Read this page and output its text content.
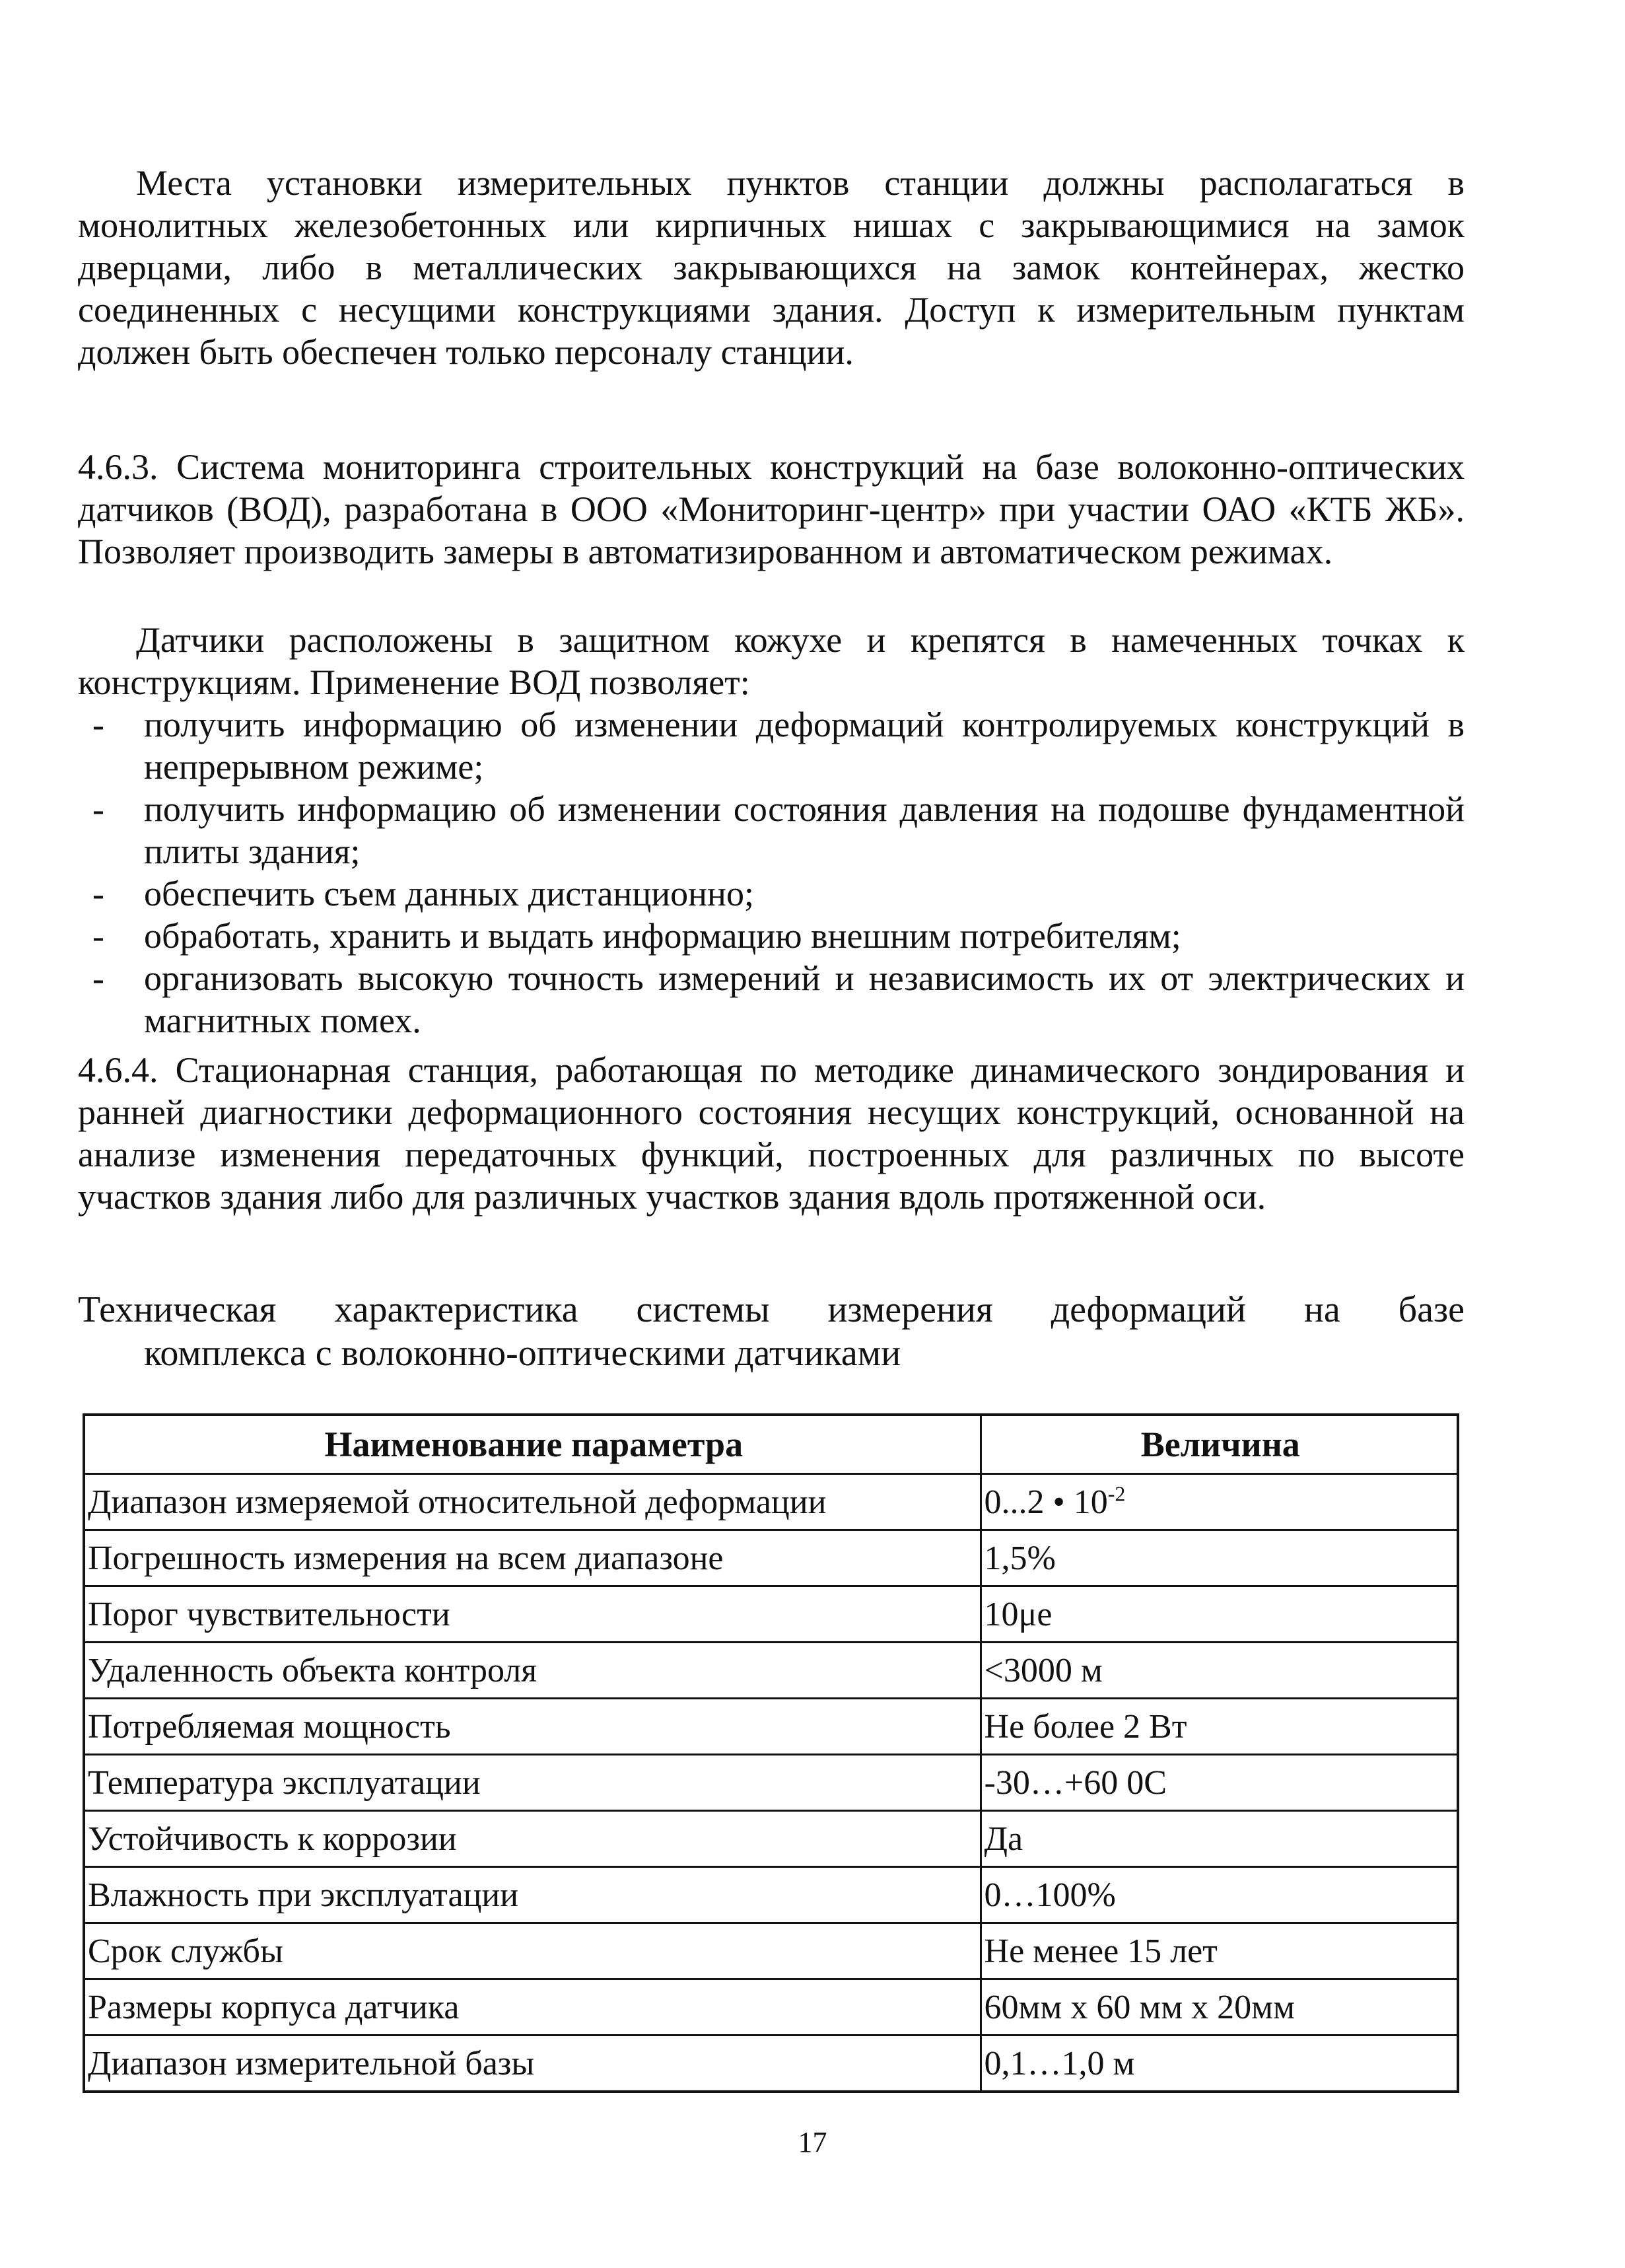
Места установки измерительных пунктов станции должны располагаться в монолитных железобетонных или кирпичных нишах с закрывающимися на замок дверцами, либо в металлических закрывающихся на замок контейнерах, жестко соединенных с несущими конструкциями здания. Доступ к измерительным пунктам должен быть обеспечен только персоналу станции.

4.6.3. Система мониторинга строительных конструкций на базе волоконно-оптических датчиков (ВОД), разработана в ООО «Мониторинг-центр» при участии ОАО «КТБ ЖБ». Позволяет производить замеры в автоматизированном и автоматическом режимах.

Датчики расположены в защитном кожухе и крепятся в намеченных точках к конструкциям. Применение ВОД позволяет:

- получить информацию об изменении деформаций контролируемых конструкций в непрерывном режиме;
- получить информацию об изменении состояния давления на подошве фундаментной плиты здания;
- обеспечить съем данных дистанционно;
- обработать, хранить и выдать информацию внешним потребителям;
- организовать высокую точность измерений и независимость их от электрических и магнитных помех.

4.6.4. Стационарная станция, работающая по методике динамического зондирования и ранней диагностики деформационного состояния несущих конструкций, основанной на анализе изменения передаточных функций, построенных для различных по высоте участков здания либо для различных участков здания вдоль протяженной оси.

Техническая характеристика системы измерения деформаций на базе
комплекса с волоконно-оптическими датчиками
Наименование параметра	Величина
Диапазон измеряемой относительной деформации	0...2 • $10^{-2}$
Погрешность измерения на всем диапазоне	1,5%
Порог чувствительности	10μе
Удаленность объекта контроля	<3000 м
Потребляемая мощность	Не более 2 Вт
Температура эксплуатации	-30…+60 0С
Устойчивость к коррозии	Да
Влажность при эксплуатации	0…100%
Срок службы	Не менее 15 лет
Размеры корпуса датчика	60мм x 60 мм x 20мм
Диапазон измерительной базы	0,1…1,0 м
17
